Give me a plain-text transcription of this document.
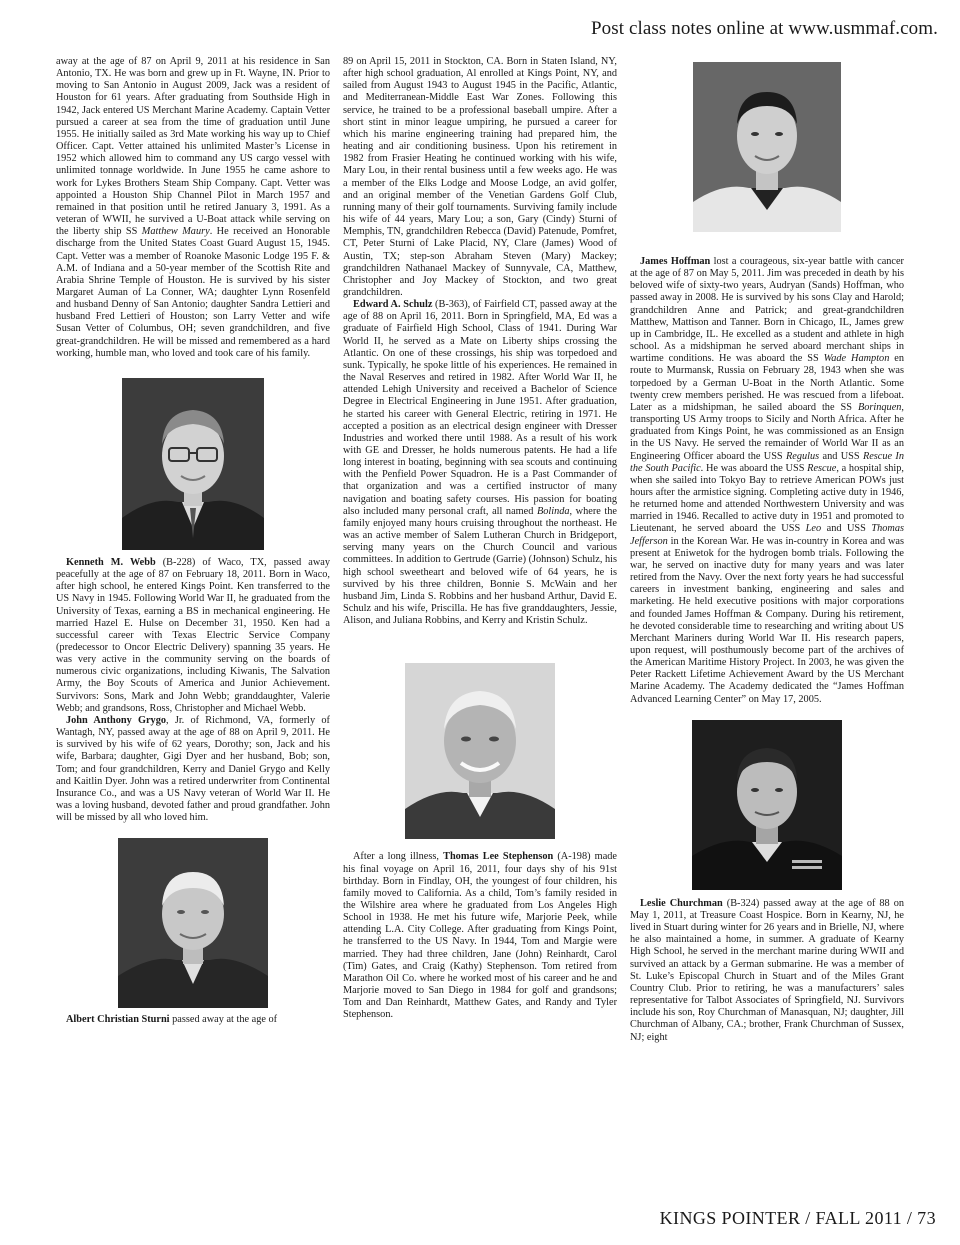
Post class notes online at www.usmmaf.com.

away at the age of 87 on April 9, 2011 at his residence in San Antonio, TX. He was born and grew up in Ft. Wayne, IN. Prior to moving to San Antonio in August 2009, Jack was a resident of Houston for 61 years. After graduating from Southside High in 1942, Jack entered US Merchant Marine Academy. Captain Vetter pursued a career at sea from the time of graduation until June 1955. He initially sailed as 3rd Mate working his way up to Chief Officer. Capt. Vetter attained his unlimited Master’s License in 1952 which allowed him to command any US cargo vessel with unlimited tonnage worldwide. In June 1955 he came ashore to work for Lykes Brothers Steam Ship Company. Capt. Vetter was appointed a Houston Ship Channel Pilot in March 1957 and remained in that position until he retired January 3, 1991. As a veteran of WWII, he survived a U-Boat attack while serving on the liberty ship SS Matthew Maury. He received an Honorable discharge from the United States Coast Guard August 15, 1945. Capt. Vetter was a member of Roanoke Masonic Lodge 195 F. & A.M. of Indiana and a 50-year member of the Scottish Rite and Arabia Shrine Temple of Houston. He is survived by his sister Margaret Auman of La Conner, WA; daughter Lynn Rosenfeld and husband Denny of San Antonio; daughter Sandra Lettieri and husband Fred Lettieri of Houston; son Larry Vetter and wife Susan Vetter of Columbus, OH; seven grandchildren, and five great-grandchildren. He will be missed and remembered as a hard working, humble man, who loved and took care of his family.

Kenneth M. Webb (B-228) of Waco, TX, passed away peacefully at the age of 87 on February 18, 2011. Born in Waco, after high school, he entered Kings Point. Ken transferred to the US Navy in 1945. Following World War II, he graduated from the University of Texas, earning a BS in mechanical engineering. He married Hazel E. Hulse on December 31, 1950. Ken had a successful career with Texas Electric Service Company (predecessor to Oncor Electric Delivery) spanning 35 years. He was very active in the community serving on the boards of numerous civic organizations, including Kiwanis, The Salvation Army, the Boy Scouts of America and Junior Achievement. Survivors: Sons, Mark and John Webb; granddaughter, Valerie Webb; and grandsons, Ross, Christopher and Michael Webb.

John Anthony Grygo, Jr. of Richmond, VA, formerly of Wantagh, NY, passed away at the age of 88 on April 9, 2011. He is survived by his wife of 62 years, Dorothy; son, Jack and his wife, Barbara; daughter, Gigi Dyer and her husband, Bob; son, Tom; and four grandchildren, Kerry and Daniel Grygo and Kelly and Kaitlin Dyer. John was a retired underwriter from Continental Insurance Co., and was a US Navy veteran of World War II. He was a loving husband, devoted father and proud grandfather. John will be missed by all who loved him.

Albert Christian Sturni passed away at the age of

89 on April 15, 2011 in Stockton, CA. Born in Staten Island, NY, after high school graduation, Al enrolled at Kings Point, NY, and sailed from August 1943 to August 1945 in the Pacific, Atlantic, and Mediterranean-Middle East War Zones. Following this service, he trained to be a professional baseball umpire. After a short stint in minor league umpiring, he pursued a career for which his marine engineering training had prepared him, the heating and air conditioning business. Upon his retirement in 1982 from Frasier Heating he continued working with his wife, Mary Lou, in their rental business until a few weeks ago. He was a member of the Elks Lodge and Moose Lodge, an avid golfer, and an original member of the Venetian Gardens Golf Club, running many of their golf tournaments. Surviving family include his wife of 44 years, Mary Lou; a son, Gary (Cindy) Sturni of Memphis, TN, grandchildren Rebecca (David) Patenude, Pomfret, CT, Peter Sturni of Lake Placid, NY, Clare (James) Wood of Austin, TX; step-son Abraham Steven (Mary) Mackey; grandchildren Nathanael Mackey of Sunnyvale, CA, Matthew, Christopher and Joy Mackey of Stockton, and two great grandchildren.

Edward A. Schulz (B-363), of Fairfield CT, passed away at the age of 88 on April 16, 2011. Born in Springfield, MA, Ed was a graduate of Fairfield High School, Class of 1941. During War World II, he served as a Mate on Liberty ships crossing the Atlantic. On one of these crossings, his ship was torpedoed and sunk. Typically, he spoke little of his experiences. He remained in the Naval Reserves and retired in 1982. After World War II, he attended Lehigh University and received a Bachelor of Science Degree in Electrical Engineering in June 1951. After graduation, he started his career with General Electric, retiring in 1971. He accepted a position as an electrical design engineer with Dresser Industries and worked there until 1988. As a result of his work with GE and Dresser, he holds numerous patents. He had a life long interest in boating, beginning with sea scouts and continuing with the Penfield Power Squadron. He is a Past Commander of that organization and was a certified instructor of many navigation and boating safety courses. His passion for boating also included many personal craft, all named Bolinda, where the family enjoyed many hours cruising throughout the northeast. He was an active member of Salem Lutheran Church in Bridgeport, serving many years on the Church Council and various committees. In addition to Gertrude (Garrie) (Johnson) Schulz, his high school sweetheart and beloved wife of 64 years, he is survived by his three children, Bonnie S. McWain and her husband Jim, Linda S. Robbins and her husband Arthur, David E. Schulz and his wife, Priscilla. He has five granddaughters, Jessie, Alison, and Juliana Robbins, and Kerry and Kristin Schulz.

After a long illness, Thomas Lee Stephenson (A-198) made his final voyage on April 16, 2011, four days shy of his 91st birthday. Born in Findlay, OH, the youngest of four children, his family moved to California. As a child, Tom’s family resided in the Wilshire area where he graduated from Los Angeles High School in 1938. He met his future wife, Marjorie Peek, while attending L.A. City College. After graduating from Kings Point, he transferred to the US Navy. In 1944, Tom and Margie were married. They had three children, Jane (John) Reinhardt, Carol (Tim) Gates, and Craig (Kathy) Stephenson. Tom retired from Marathon Oil Co. where he worked most of his career and he and Marjorie moved to San Diego in 1984 for golf and grandsons; Tom and Dan Reinhardt, Matthew Gates, and Randy and Tyler Stephenson.

James Hoffman lost a courageous, six-year battle with cancer at the age of 87 on May 5, 2011. Jim was preceded in death by his beloved wife of sixty-two years, Audryan (Sands) Hoffman, who passed away in 2008. He is survived by his sons Clay and Harold; grandchildren Anne and Patrick; and great-grandchildren Matthew, Mattison and Tanner. Born in Chicago, IL, James grew up in Cambridge, IL. He excelled as a student and athlete in high school. As a midshipman he served aboard merchant ships in wartime conditions. He was aboard the SS Wade Hampton en route to Murmansk, Russia on February 28, 1943 when she was torpedoed by a German U-Boat in the North Atlantic. Some twenty crew members perished. He was rescued from a lifeboat. Later as a midshipman, he sailed aboard the SS Borinquen, transporting US Army troops to Sicily and North Africa. After he graduated from Kings Point, he was commissioned as an Ensign in the US Navy. He served the remainder of World War II as an Engineering Officer aboard the USS Regulus and USS Rescue In the South Pacific. He was aboard the USS Rescue, a hospital ship, when she sailed into Tokyo Bay to retrieve American POWs just hours after the armistice signing. Completing active duty in 1946, he returned home and attended Northwestern University and was married in 1946. Recalled to active duty in 1951 and promoted to Lieutenant, he served aboard the USS Leo and USS Thomas Jefferson in the Korean War. He was in-country in Korea and was present at Eniwetok for the hydrogen bomb trials. Following the war, he served on inactive duty for many years and was later retired from the Navy. Over the next forty years he had successful careers in investment banking, engineering and sales and marketing. He held executive positions with major corporations and founded James Hoffman & Company. During his retirement, he devoted considerable time to researching and writing about US Merchant Mariners during World War II. His research papers, upon request, will posthumously become part of the archives of the American Maritime History Project. In 2003, he was given the Peter Rackett Lifetime Achievement Award by the US Merchant Marine Academy. The Academy dedicated the “James Hoffman Advanced Learning Center” on May 17, 2005.

Leslie Churchman (B-324) passed away at the age of 88 on May 1, 2011, at Treasure Coast Hospice. Born in Kearny, NJ, he lived in Stuart during winter for 26 years and in Brielle, NJ, where he also maintained a home, in summer. A graduate of Kearny High School, he served in the merchant marine during WWII and survived an attack by a German submarine. He was a member of St. Luke’s Episcopal Church in Stuart and of the Miles Grant Country Club. Prior to retiring, he was a manufacturers’ sales representative for Talbot Associates of Springfield, NJ. Survivors include his son, Roy Churchman of Manasquan, NJ; daughter, Jill Churchman of Albany, CA.; brother, Frank Churchman of Sussex, NJ; eight

KINGS POINTER / FALL 2011 / 73
